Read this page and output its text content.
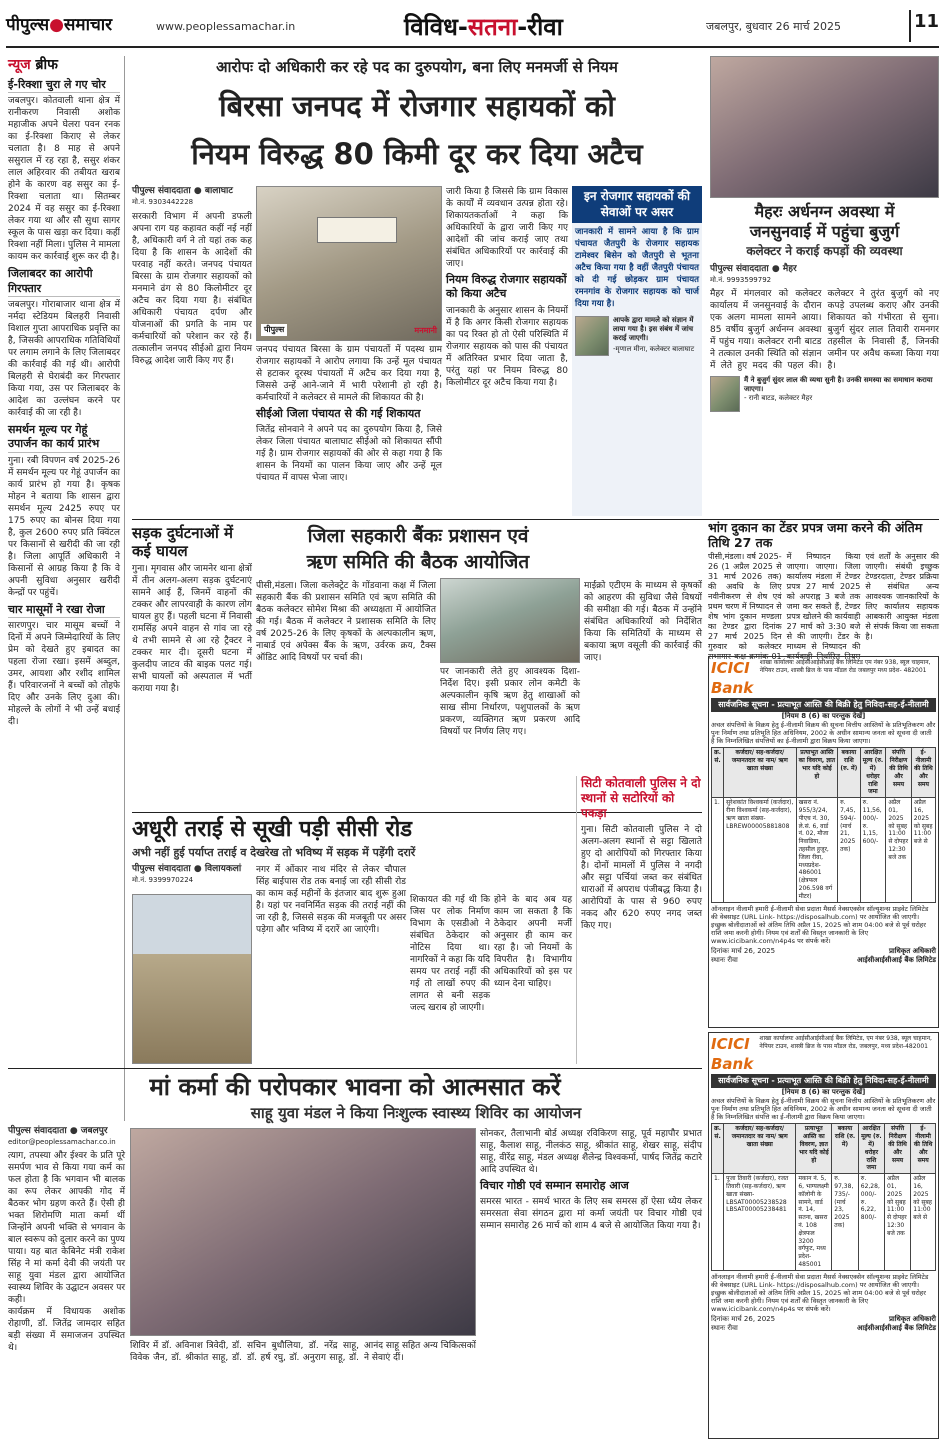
पीपुल्स●समाचार	www.peoplessamachar.in	विविध-सतना-रीवा	जबलपुर, बुधवार 26 मार्च 2025	11
न्यूज ब्रीफ
ई-रिक्शा चुरा ले गए चोर
जबलपुर। कोतवाली थाना क्षेत्र में रानीकरण निवासी अशोक महाजीक अपने घेलरा पवन रनक का ई-रिक्शा किराए से लेकर चलाता है। 8 माह से अपने ससुराल में रह रहा है, ससुर शंकर लाल अहिरवार की तबीयत खराब होने के कारण वह ससुर का ई-रिक्शा चलाता था। सितम्बर 2024 में वह ससुर का ई-रिक्शा लेकर गया था और सौ सुधा सागर स्कूल के पास खड़ा कर दिया। कहीं रिक्शा नहीं मिला। पुलिस ने मामला कायम कर कार्रवाई शुरू कर दी है।
जिलाबदर का आरोपी गिरफ्तार
जबलपुर। गोराबाजार थाना क्षेत्र में नर्मदा स्टेडियम बिलहरी निवासी विशाल गुप्ता आपराधिक प्रवृत्ति का है, जिसकी आपराधिक गतिविधियों पर लगाम लगाने के लिए जिलाबदर की कार्रवाई की गई थी। आरोपी बिलहरी से घेराबंदी कर गिरफ्तार किया गया, उस पर जिलाबदर के आदेश का उल्लंघन करने पर कार्रवाई की जा रही है।
समर्थन मूल्य पर गेहूं उपार्जन का कार्य प्रारंभ
गुना। रबी विपणन वर्ष 2025-26 में समर्थन मूल्य पर गेहूं उपार्जन का कार्य प्रारंभ हो गया है। कृषक मोहन ने बताया कि शासन द्वारा समर्थन मूल्य 2425 रुपए पर 175 रुपए का बोनस दिया गया है, कुल 2600 रुपए प्रति क्विंटल पर किसानों से खरीदी की जा रही है। जिला आपूर्ति अधिकारी ने किसानों से आग्रह किया है कि वे अपनी सुविधा अनुसार खरीदी केन्द्रों पर पहुंचें।
चार मासूमों ने रखा रोजा
सारणपुर। चार मासूम बच्चों ने दिनों में अपने जिम्मेदारियों के लिए प्रेम को देखते हुए इबादत का पहला रोजा रखा। इसमें अब्दुल, उमर, आयशा और रशीद शामिल हैं। परिवारजनों ने बच्चों को तोहफे दिए और उनके लिए दुआ की। मोहल्ले के लोगों ने भी उन्हें बधाई दी।
आरोपः दो अधिकारी कर रहे पद का दुरुपयोग, बना लिए मनमर्जी से नियम
बिरसा जनपद में रोजगार सहायकों को
नियम विरुद्ध 80 किमी दूर कर दिया अटैच
पीपुल्स संवाददाता ● बालाघाट
मो.नं. 9303442228
सरकारी विभाग में अपनी डफली अपना राग यह कहावत कहीं नई नहीं है, अधिकारी वर्ग ने तो यहां तक कह दिया है कि शासन के आदेशों की परवाह नहीं करते। जनपद पंचायत बिरसा के ग्राम रोजगार सहायकों को मनमाने ढंग से 80 किलोमीटर दूर अटैच कर दिया गया है। संबंधित अधिकारी पंचायत दर्पण और योजनाओं की प्रगति के नाम पर कर्मचारियों को परेशान कर रहे हैं। तत्कालीन जनपद सीईओ द्वारा नियम विरुद्ध आदेश जारी किए गए हैं।
पीपुल्स	मनमानी
जनपद पंचायत बिरसा के ग्राम पंचायतों में पदस्थ ग्राम रोजगार सहायकों ने आरोप लगाया कि उन्हें मूल पंचायत से हटाकर दूरस्थ पंचायतों में अटैच कर दिया गया है, जिससे उन्हें आने-जाने में भारी परेशानी हो रही है। कर्मचारियों ने कलेक्टर से मामले की शिकायत की है।
सीईओ जिला पंचायत से की गई शिकायत
जितेंद्र सोनवाने ने अपने पद का दुरुपयोग किया है, जिसे लेकर जिला पंचायत बालाघाट सीईओ को शिकायत सौंपी गई है। ग्राम रोजगार सहायकों की ओर से कहा गया है कि शासन के नियमों का पालन किया जाए और उन्हें मूल पंचायत में वापस भेजा जाए।
जारी किया है जिससे कि ग्राम विकास के कार्यों में व्यवधान उत्पन्न होता रहे। शिकायतकर्ताओं ने कहा कि अधिकारियों के द्वारा जारी किए गए आदेशों की जांच कराई जाए तथा संबंधित अधिकारियों पर कार्रवाई की जाए।
नियम विरुद्ध रोजगार सहायकों को किया अटैच
जानकारी के अनुसार शासन के नियमों में है कि अगर किसी रोजगार सहायक का पद रिक्त हो तो ऐसी परिस्थिति में रोजगार सहायक को पास की पंचायत में अतिरिक्त प्रभार दिया जाता है, परंतु यहां पर नियम विरुद्ध 80 किलोमीटर दूर अटैच किया गया है।
इन रोजगार सहायकों की सेवाओं पर असर
जानकारी में सामने आया है कि ग्राम पंचायत जैतपुरी के रोजगार सहायक टामेश्वर बिसेन को जैतपुरी से भूतना अटैच किया गया है वहीं जैतपुरी पंचायत को दी गई छोड़कर ग्राम पंचायत रमनगांव के रोजगार सहायक को चार्ज दिया गया है।
आपके द्वारा मामले को संज्ञान में लाया गया है। इस संबंध में जांच कराई जाएगी।
-मृणाल मीना, कलेक्टर बालाघाट
मैहरः अर्धनग्न अवस्था में
जनसुनवाई में पहुंचा बुजुर्ग
कलेक्टर ने कराई कपड़ों की व्यवस्था
पीपुल्स संवाददाता ● मैहर
मो.नं. 9993599792
मैहर में मंगलवार को कलेक्टर कार्यालय में जनसुनवाई के दौरान एक अलग मामला सामने आया। 85 वर्षीय बुजुर्ग अर्धनग्न अवस्था में पहुंच गया। कलेक्टर रानी बाटड ने तत्काल उनकी स्थिति को संज्ञान में लेते हुए मदद की पहल की। कलेक्टर ने तुरंत बुजुर्ग को नए कपड़े उपलब्ध कराए और उनकी शिकायत को गंभीरता से सुना। बुजुर्ग सुंदर लाल तिवारी रामनगर तहसील के निवासी हैं, जिनकी जमीन पर अवैध कब्जा किया गया है।
मैं ने बुजुर्ग सुंदर लाल की व्यथा सुनी है। उनकी समस्या का समाधान कराया जाएगा।
- रानी बाटड, कलेक्टर मैहर
सड़क दुर्घटनाओं में कई घायल
गुना। मृगवास और जामनेर थाना क्षेत्रों में तीन अलग-अलग सड़क दुर्घटनाएं सामने आई हैं, जिनमें वाहनों की टक्कर और लापरवाही के कारण लोग घायल हुए हैं। पहली घटना में निवासी रामसिंह अपने वाहन से गांव जा रहे थे तभी सामने से आ रहे ट्रैक्टर ने टक्कर मार दी। दूसरी घटना में कुलदीप जाटव की बाइक पलट गई। सभी घायलों को अस्पताल में भर्ती कराया गया है।
जिला सहकारी बैंकः प्रशासन एवं
ऋण समिति की बैठक आयोजित
पीसी,मंडला। जिला कलेक्ट्रेट के गोंडवाना कक्ष में जिला सहकारी बैंक की प्रशासन समिति एवं ऋण समिति की बैठक कलेक्टर सोमेश मिश्रा की अध्यक्षता में आयोजित की गई। बैठक में कलेक्टर ने प्रशासक समिति के लिए वर्ष 2025-26 के लिए कृषकों के अल्पकालीन ऋण, नाबार्ड एवं अपेक्स बैंक के ऋण, उर्वरक क्रय, टैक्स ऑडिट आदि विषयों पर चर्चा की।
पर जानकारी लेते हुए आवश्यक दिशा-निर्देश दिए। इसी प्रकार लोन कमेटी के अल्पकालीन कृषि ऋण हेतु शाखाओं को साख सीमा निर्धारण, पशुपालकों के ऋण प्रकरण, व्यक्तिगत ऋण प्रकरण आदि विषयों पर निर्णय लिए गए।
माईक्रो एटीएम के माध्यम से कृषकों को आहरण की सुविधा जैसे विषयों की समीक्षा की गई। बैठक में उन्होंने संबंधित अधिकारियों को निर्देशित किया कि समितियों के माध्यम से बकाया ऋण वसूली की कार्रवाई की जाए।
भांग दुकान का टेंडर प्रपत्र जमा करने की अंतिम तिथि 27 तक
पीसी,मंडला। वर्ष 2025-26 (1 अप्रैल 2025 से 31 मार्च 2026 तक) की अवधि के लिए नवीनीकरण से शेष एवं प्रथम चरण में निष्पादन से शेष भांग दुकान मण्डला का टेण्डर द्वारा दिनांक 27 मार्च 2025 दिन गुरुवार को कलेक्टर सभागार कक्ष क्रमांक 01 में निष्पादन किया जाएगा। जाएगा। जिला कार्यालय मंडला में टेण्डर प्रपत्र 27 मार्च 2025 को अपराह्न 3 बजे तक जमा कर सकते हैं, टेण्डर प्रपत्र खोलने की कार्यवाही 27 मार्च को 3:30 बजे से की जाएगी। टेंडर के माध्यम से निष्पादन की कार्यवाही निर्धारित नियम एवं शर्तों के अनुसार की जाएगी। संबंधी इच्छुक टेण्डरदाता, टेण्डर प्रक्रिया से संबंधित अन्य आवश्यक जानकारियों के लिए कार्यालय सहायक आबकारी आयुक्त मंडला से संपर्क किया जा सकता है।
अधूरी तराई से सूखी पड़ी सीसी रोड
अभी नहीं हुई पर्याप्त तराई व देखरेख तो भविष्य में सड़क में पड़ेंगी दरारें
पीपुल्स संवाददाता ● विलायकलां
मो.नं. 9399970224
नगर में ओंकार नाथ मंदिर से लेकर चौपाल सिंह बाईपास रोड तक बनाई जा रही सीसी रोड का काम कई महीनों के इंतजार बाद शुरू हुआ है। यहां पर नवनिर्मित सड़क की तराई नहीं की जा रही है, जिससे सड़क की मजबूती पर असर पड़ेगा और भविष्य में दरारें आ जाएंगी।
शिकायत की गई थी कि जिस पर लोक निर्माण विभाग के एसडीओ ने संबंधित ठेकेदार को नोटिस दिया था। नागरिकों ने कहा कि यदि समय पर तराई नहीं की गई तो लाखों रुपए की लागत से बनी सड़क जल्द खराब हो जाएगी।
होने के बाद अब यह काम जा सकता है कि ठेकेदार अपनी मर्जी अनुसार ही काम कर रहा है। जो नियमों के विपरीत है। विभागीय अधिकारियों को इस पर ध्यान देना चाहिए।
सिटी कोतवाली पुलिस ने दो स्थानों से सटोरियों को पकड़ा
गुना। सिटी कोतवाली पुलिस ने दो अलग-अलग स्थानों से सट्टा खिलाते हुए दो आरोपियों को गिरफ्तार किया है। दोनों मामलों में पुलिस ने नगदी और सट्टा पर्चियां जब्त कर संबंधित धाराओं में अपराध पंजीबद्ध किया है। आरोपियों के पास से 960 रुपए नकद और 620 रुपए नगद जब्त किए गए।
मां कर्मा की परोपकार भावना को आत्मसात करें
साहू युवा मंडल ने किया निःशुल्क स्वास्थ्य शिविर का आयोजन
पीपुल्स संवाददाता ● जबलपुर
editor@peoplessamachar.co.in
त्याग, तपस्या और ईश्वर के प्रति पूरे समर्पण भाव से किया गया कर्म का फल होता है कि भगवान भी बालक का रूप लेकर आपकी गोद में बैठकर भोग ग्रहण करते हैं। ऐसी ही भक्त शिरोमणि माता कर्मा थीं जिन्होंने अपनी भक्ति से भगवान के बाल स्वरूप को दुलार करने का पुण्य पाया। यह बात केबिनेट मंत्री राकेश सिंह ने मां कर्मा देवी की जयंती पर साहू युवा मंडल द्वारा आयोजित स्वास्थ्य शिविर के उद्घाटन अवसर पर कही।
कार्यक्रम में विधायक अशोक रोहाणी, डॉ. जितेंद्र जामदार सहित बड़ी संख्या में समाजजन उपस्थित थे।	शिविर में डॉ. अविनाश त्रिवेदी, डॉ. विवेक जैन, डॉ. श्रीकांत साहू, डॉ. सचिन बुधौलिया, डॉ. नरेंद्र साहू, डॉ. हर्ष रघु, डॉ. अनुराग साहू, डॉ. आनंद साहू सहित अन्य चिकित्सकों ने सेवाएं दीं।
सोनकर, तैलाभानी बोर्ड अध्यक्ष रविकिरण साहू, पूर्व महापौर प्रभात साहू, कैलाश साहू, नीलकंठ साहू, श्रीकांत साहू, शेखर साहू, संदीप साहू, वीरेंद्र साहू, मंडल अध्यक्ष शैलेन्द्र विश्वकर्मा, पार्षद जितेंद्र कटारे आदि उपस्थित थे।
विचार गोष्ठी एवं सम्मान समारोह आज
समरस भारत - समर्थ भारत के लिए सब समरस हों ऐसा ध्येय लेकर समरसता सेवा संगठन द्वारा मां कर्मा जयंती पर विचार गोष्ठी एवं सम्मान समारोह 26 मार्च को शाम 4 बजे से आयोजित किया गया है।
ICICI Bank
शाखा कार्यालयः आईसीआईसीआई बैंक लिमिटेड एम नंबर 938, ब्यूल चाहमान, नेपियर टाउन, शास्त्री ब्रिज के पास मॉडल रोड जबलपुर मध्य प्रदेश- 482001
सार्वजनिक सूचना - प्रत्याभूत आस्ति की बिक्री हेतु निविदा-सह-ई-नीलामी
[नियम 8 (6) का परन्तुक देखें]
अचल संपत्तियों के विक्रय हेतु ई-नीलामी विक्रय की सूचना वित्तीय आस्तियों के प्रतिभूतिकरण और पुनः निर्माण तथा प्रतिभूति हित अधिनियम, 2002 के अधीन सामान्य जनता को सूचना दी जाती है कि निम्नलिखित संपत्तियों का ई-नीलामी द्वारा विक्रय किया जाएगा।
क्र. सं.	कर्जदार/ सह-कर्जदार/ जमानतदार का नाम/ ऋण खाता संख्या	प्रत्याभूत आस्ति का विवरण, ज्ञात भार यदि कोई हो	बकाया राशि (रु. में)	आरक्षित मूल्य (रु. में) धरोहर राशि जमा	संपत्ति निरीक्षण की तिथि और समय	ई-नीलामी की तिथि और समय
1.	सुरेशकांत विश्वकर्मा (कर्जदार), रीना विश्वकर्मा (सह-कर्जदार), ऋण खाता संख्या- LBREW00005881808	खसरा नं. 955/3/24, पीएच नं. 30, ले.सं. 6, वार्ड नं. 02, मौजा निवाडिया, तहसील हुजूर, जिला रीवा, मध्यप्रदेश- 486001 (क्षेत्रफल 206.598 वर्ग मीटर)	रु. 7,45, 594/- (मार्च 21, 2025 तक)	रु. 11,56, 000/- रु. 1,15, 600/-	अप्रैल 01, 2025 को सुबह 11:00 से दोपहर 12:30 बजे तक	अप्रैल 16, 2025 को सुबह 11:00 बजे से
ऑनलाइन नीलामी हमारी ई-नीलामी सेवा प्रदाता मैसर्स नेक्सएक्सेन सॉल्यूशन्स प्राइवेट लिमिटेड की वेबसाइट (URL Link- https://disposalhub.com) पर आयोजित की जाएगी। इच्छुक बोलीदाताओं को अंतिम तिथि अप्रैल 15, 2025 को शाम 04:00 बजे से पूर्व धरोहर राशि जमा करनी होगी। नियम एवं शर्तों की विस्तृत जानकारी के लिए www.icicibank.com/n4p4s पर संपर्क करें।
दिनांकः मार्च 26, 2025
स्थानः रीवा
प्राधिकृत अधिकारी आईसीआईसीआई बैंक लिमिटेड
ICICI Bank
शाखा कार्यालयः आईसीआईसीआई बैंक लिमिटेड, एम नंबर 938, ब्यूल चाहमान, नेपियर टाउन, शास्त्री ब्रिज के पास मॉडल रोड, जबलपुर, मध्य प्रदेश-482001
सार्वजनिक सूचना - प्रत्याभूत आस्ति की बिक्री हेतु निविदा-सह-ई-नीलामी
[नियम 8 (6) का परन्तुक देखें]
अचल संपत्तियों के विक्रय हेतु ई-नीलामी विक्रय की सूचना वित्तीय आस्तियों के प्रतिभूतिकरण और पुनः निर्माण तथा प्रतिभूति हित अधिनियम, 2002 के अधीन सामान्य जनता को सूचना दी जाती है कि निम्नलिखित संपत्ति का ई-नीलामी द्वारा विक्रय किया जाएगा।
क्र. सं.	कर्जदार/ सह-कर्जदार/ जमानतदार का नाम/ ऋण खाता संख्या	प्रत्याभूत आस्ति का विवरण, ज्ञात भार यदि कोई हो	बकाया राशि (रु. में)	आरक्षित मूल्य (रु. में) धरोहर राशि जमा	संपत्ति निरीक्षण की तिथि और समय	ई-नीलामी की तिथि और समय
1.	पूजा तिवारी (कर्जदार), रजत तिवारी (सह-कर्जदार), ऋण खाता संख्या- LBSAT00005238528 LBSAT00005238481	मकान नं. 5, 6, भाग्यलक्ष्मी कॉलोनी के सामने, वार्ड नं. 14, सतना, खसरा नं. 108 क्षेत्रफल 3200 वर्गफुट, मध्य प्रदेश- 485001	रु. 97,38, 735/- (मार्च 23, 2025 तक)	रु. 62,28, 000/- रु. 6,22, 800/-	अप्रैल 01, 2025 को सुबह 11:00 से दोपहर 12:30 बजे तक	अप्रैल 16, 2025 को सुबह 11:00 बजे से
ऑनलाइन नीलामी हमारी ई-नीलामी सेवा प्रदाता मैसर्स नेक्सएक्सेन सॉल्यूशन्स प्राइवेट लिमिटेड की वेबसाइट (URL Link- https://disposalhub.com) पर आयोजित की जाएगी। इच्छुक बोलीदाताओं को अंतिम तिथि अप्रैल 15, 2025 को शाम 04:00 बजे से पूर्व धरोहर राशि जमा करनी होगी। नियम एवं शर्तों की विस्तृत जानकारी के लिए www.icicibank.com/n4p4s पर संपर्क करें।
दिनांकः मार्च 26, 2025
स्थानः रीवा
प्राधिकृत अधिकारी आईसीआईसीआई बैंक लिमिटेड
